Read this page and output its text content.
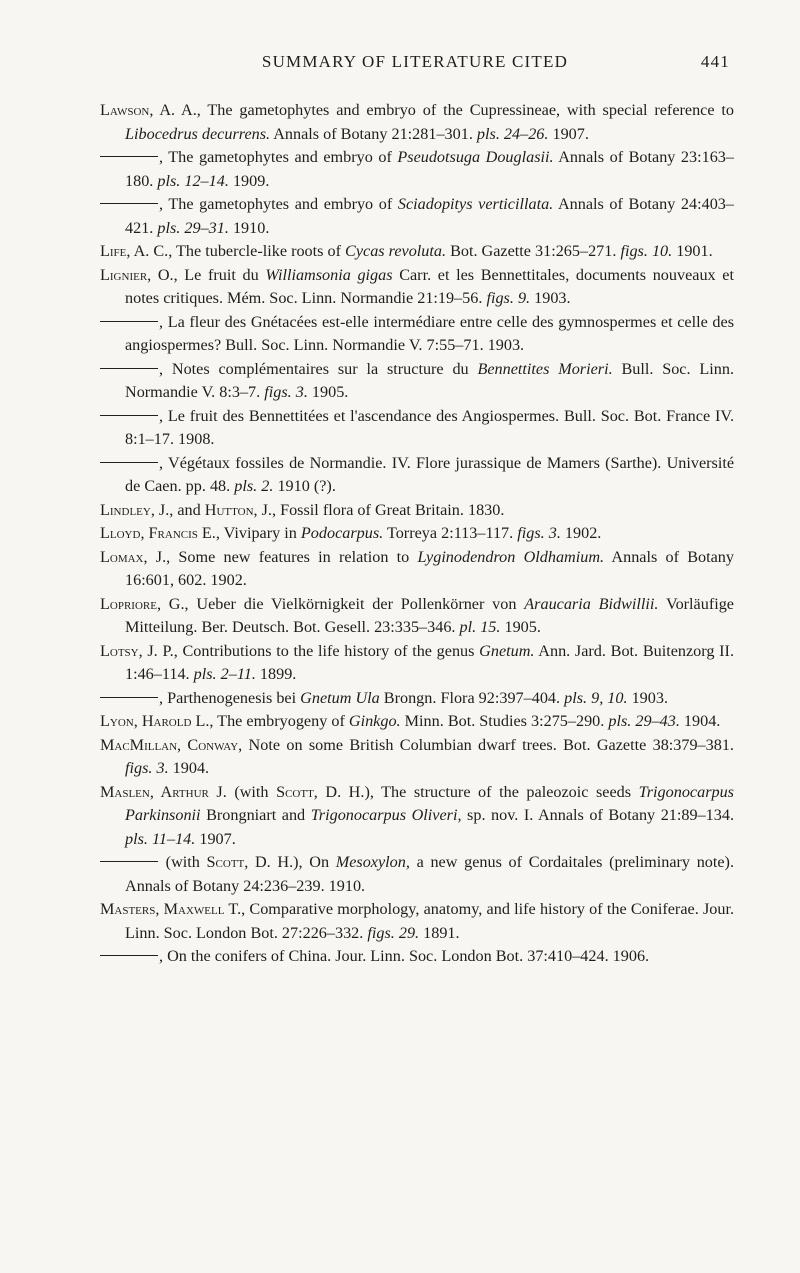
SUMMARY OF LITERATURE CITED	441

Lawson, A. A., The gametophytes and embryo of the Cupressineae, with special reference to Libocedrus decurrens. Annals of Botany 21:281–301. pls. 24–26. 1907.

, The gametophytes and embryo of Pseudotsuga Douglasii. Annals of Botany 23:163–180. pls. 12–14. 1909.

, The gametophytes and embryo of Sciadopitys verticillata. Annals of Botany 24:403–421. pls. 29–31. 1910.

Life, A. C., The tubercle-like roots of Cycas revoluta. Bot. Gazette 31:265–271. figs. 10. 1901.

Lignier, O., Le fruit du Williamsonia gigas Carr. et les Bennettitales, documents nouveaux et notes critiques. Mém. Soc. Linn. Normandie 21:19–56. figs. 9. 1903.

, La fleur des Gnétacées est-elle intermédiare entre celle des gymnospermes et celle des angiospermes? Bull. Soc. Linn. Normandie V. 7:55–71. 1903.

, Notes complémentaires sur la structure du Bennettites Morieri. Bull. Soc. Linn. Normandie V. 8:3–7. figs. 3. 1905.

, Le fruit des Bennettitées et l'ascendance des Angiospermes. Bull. Soc. Bot. France IV. 8:1–17. 1908.

, Végétaux fossiles de Normandie. IV. Flore jurassique de Mamers (Sarthe). Université de Caen. pp. 48. pls. 2. 1910 (?).

Lindley, J., and Hutton, J., Fossil flora of Great Britain. 1830.

Lloyd, Francis E., Vivipary in Podocarpus. Torreya 2:113–117. figs. 3. 1902.

Lomax, J., Some new features in relation to Lyginodendron Oldhamium. Annals of Botany 16:601, 602. 1902.

Lopriore, G., Ueber die Vielkörnigkeit der Pollenkörner von Araucaria Bidwillii. Vorläufige Mitteilung. Ber. Deutsch. Bot. Gesell. 23:335–346. pl. 15. 1905.

Lotsy, J. P., Contributions to the life history of the genus Gnetum. Ann. Jard. Bot. Buitenzorg II. 1:46–114. pls. 2–11. 1899.

, Parthenogenesis bei Gnetum Ula Brongn. Flora 92:397–404. pls. 9, 10. 1903.

Lyon, Harold L., The embryogeny of Ginkgo. Minn. Bot. Studies 3:275–290. pls. 29–43. 1904.

MacMillan, Conway, Note on some British Columbian dwarf trees. Bot. Gazette 38:379–381. figs. 3. 1904.

Maslen, Arthur J. (with Scott, D. H.), The structure of the paleozoic seeds Trigonocarpus Parkinsonii Brongniart and Trigonocarpus Oliveri, sp. nov. I. Annals of Botany 21:89–134. pls. 11–14. 1907.

(with Scott, D. H.), On Mesoxylon, a new genus of Cordaitales (preliminary note). Annals of Botany 24:236–239. 1910.

Masters, Maxwell T., Comparative morphology, anatomy, and life history of the Coniferae. Jour. Linn. Soc. London Bot. 27:226–332. figs. 29. 1891.

, On the conifers of China. Jour. Linn. Soc. London Bot. 37:410–424. 1906.
